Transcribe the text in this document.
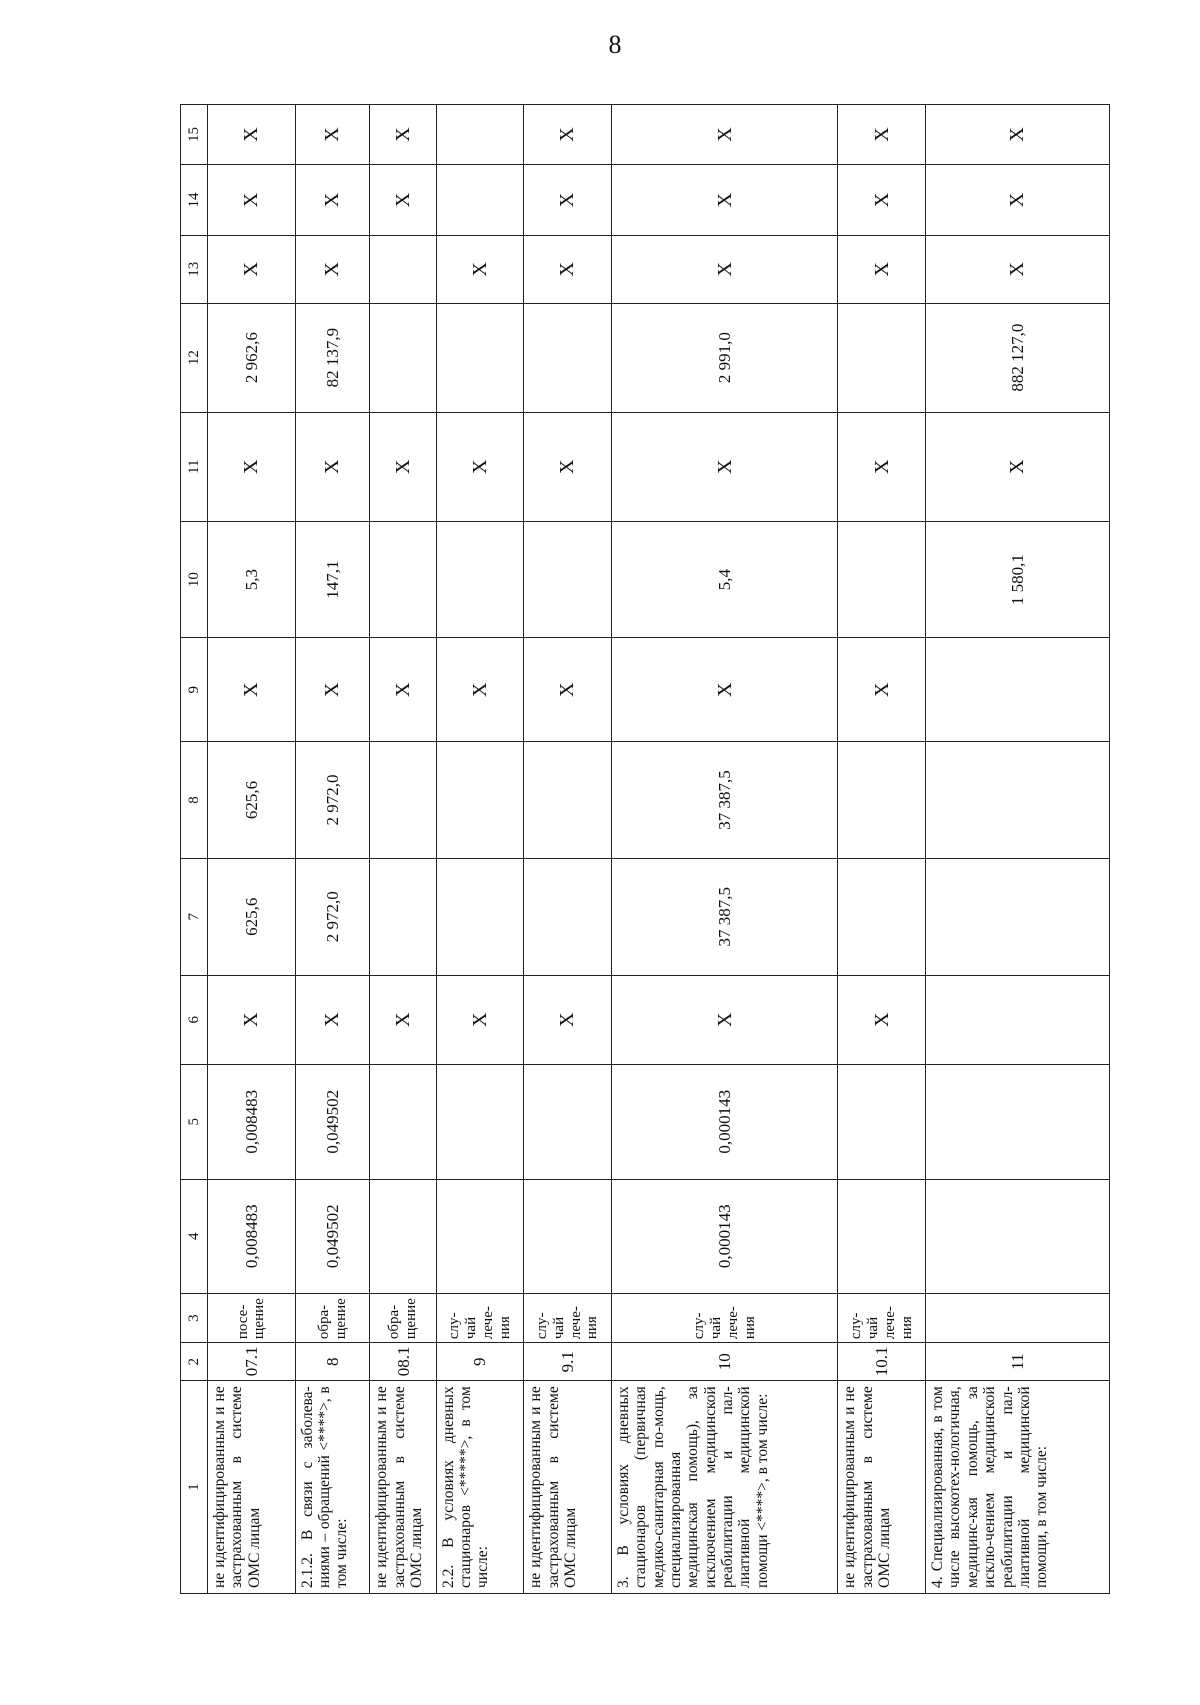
8
1	2	3	4	5	6	7	8	9	10	11	12	13	14	15
не идентифицированным и не застрахованным в системе ОМС лицам	07.1	посе-щение	0,008483	0,008483	X	625,6	625,6	X	5,3	X	2 962,6	X	X	X
2.1.2. В связи с заболева-ниями – обращений <****>, в том числе:	8	обра-щение	0,049502	0,049502	X	2 972,0	2 972,0	X	147,1	X	82 137,9	X	X	X
не идентифицированным и не застрахованным в системе ОМС лицам	08.1	обра-щение			X			X		X			X	X
2.2. В условиях дневных стационаров <*****>, в том числе:	9	слу-чай лече-ния			X			X		X		X		
не идентифицированным и не застрахованным в системе ОМС лицам	9.1	слу-чай лече-ния			X			X		X		X	X	X
3. В условиях дневных стационаров (первичная медико-санитарная по-мощь, специализированная медицинская помощь), за исключением медицинской реабилитации и пал-лиативной медицинской помощи <****>, в том числе:	10	слу-чай лече-ния	0,000143	0,000143	X	37 387,5	37 387,5	X	5,4	X	2 991,0	X	X	X
не идентифицированным и не застрахованным в системе ОМС лицам	10.1	слу-чай лече-ния			X			X		X		X	X	X
4. Специализированная, в том числе высокотех-нологичная, медицинс-кая помощь, за исклю-чением медицинской реабилитации и пал-лиативной медицинской помощи, в том числе:	11								1 580,1	X	882 127,0	X	X	X
